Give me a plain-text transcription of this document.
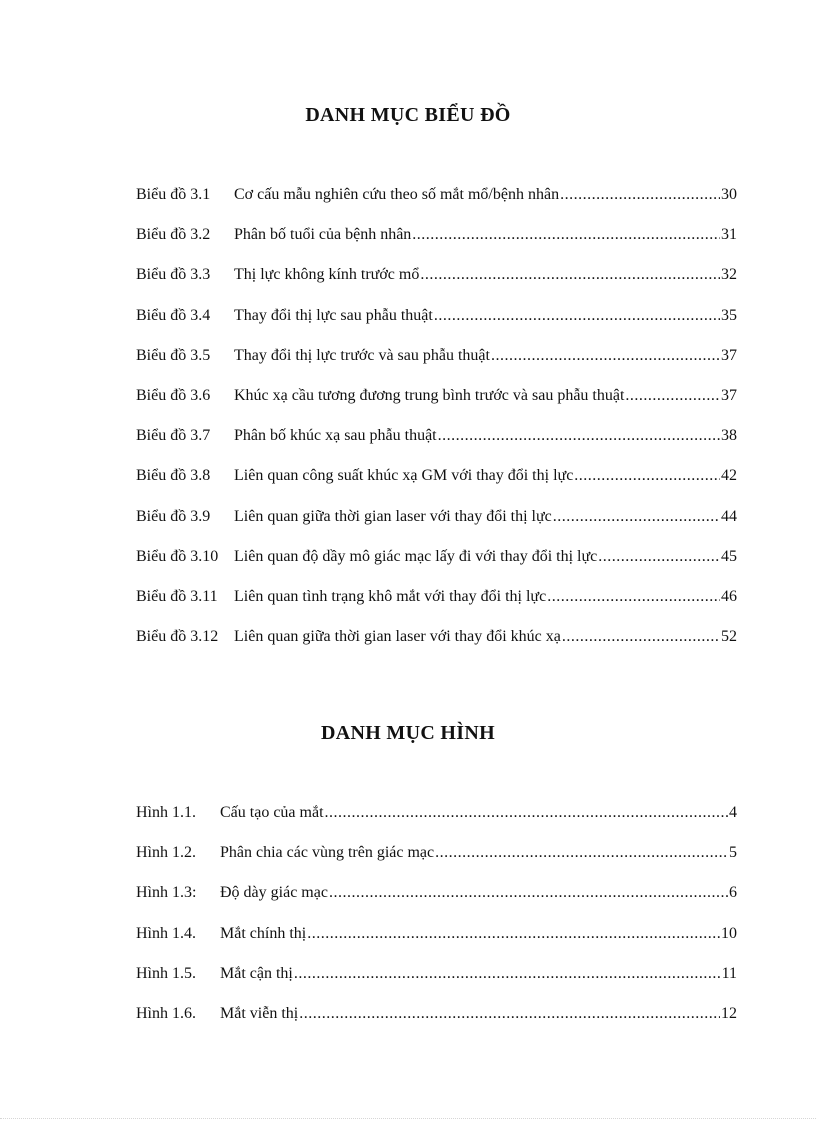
DANH MỤC BIỂU ĐỒ
Biểu đồ 3.1	Cơ cấu mẫu nghiên cứu theo số mắt mổ/bệnh nhân .....	30
Biểu đồ 3.2	Phân bố tuổi của bệnh nhân .....	31
Biểu đồ 3.3	Thị lực không kính trước mổ .....	32
Biểu đồ 3.4	Thay đổi thị lực sau phẫu thuật .....	35
Biểu đồ 3.5	Thay đổi thị lực trước và sau phẫu thuật .....	37
Biểu đồ 3.6	Khúc xạ cầu tương đương trung bình trước và sau phẫu thuật .....	37
Biểu đồ 3.7	Phân bố khúc xạ sau phẫu thuật .....	38
Biểu đồ 3.8	Liên quan công suất khúc xạ GM với thay đổi thị lực .....	42
Biểu đồ 3.9	Liên quan giữa thời gian laser với thay đổi thị lực .....	44
Biểu đồ 3.10 Liên quan độ dầy mô giác mạc lấy đi với thay đổi thị lực .....	45
Biểu đồ 3.11	Liên quan tình trạng khô mắt với thay đổi thị lực .....	46
Biểu đồ 3.12 Liên quan giữa thời gian laser với thay đổi khúc xạ .....	52
DANH MỤC HÌNH
Hình 1.1.	Cấu tạo của mắt .....	4
Hình 1.2.	Phân chia các vùng trên giác mạc .....	5
Hình 1.3:	Độ dày giác mạc .....	6
Hình 1.4.	Mắt chính thị .....	10
Hình 1.5.	Mắt cận thị .....	11
Hình 1.6.	Mắt viễn thị .....	12
